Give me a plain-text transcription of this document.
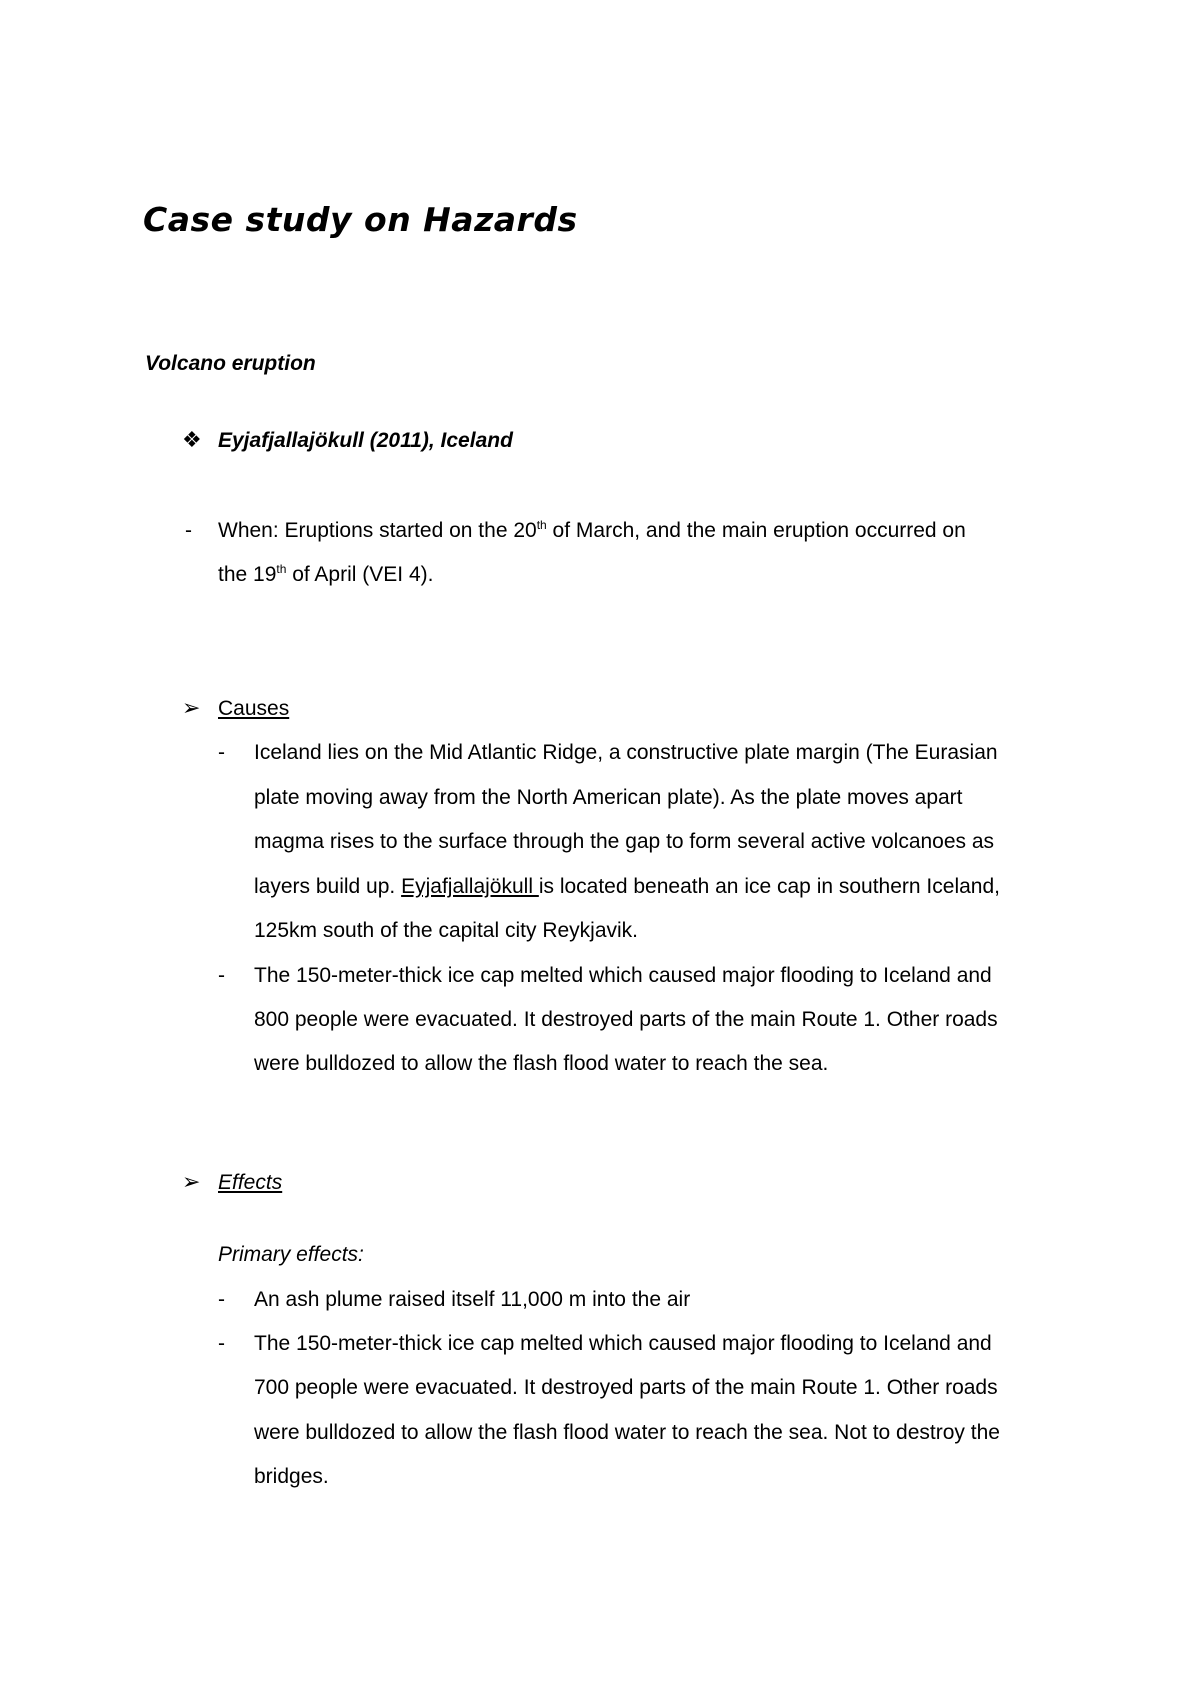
Case study on Hazards
Volcano eruption
❖ Eyjafjallajökull (2011), Iceland
- When: Eruptions started on the 20th of March, and the main eruption occurred on
the 19th of April (VEI 4).
➢ Causes
- Iceland lies on the Mid Atlantic Ridge, a constructive plate margin (The Eurasian
plate moving away from the North American plate). As the plate moves apart
magma rises to the surface through the gap to form several active volcanoes as
layers build up. Eyjafjallajökull is located beneath an ice cap in southern Iceland,
125km south of the capital city Reykjavik.
- The 150-meter-thick ice cap melted which caused major flooding to Iceland and
800 people were evacuated. It destroyed parts of the main Route 1. Other roads
were bulldozed to allow the flash flood water to reach the sea.
➢ Effects
Primary effects:
- An ash plume raised itself 11,000 m into the air
- The 150-meter-thick ice cap melted which caused major flooding to Iceland and
700 people were evacuated. It destroyed parts of the main Route 1. Other roads
were bulldozed to allow the flash flood water to reach the sea. Not to destroy the
bridges.
